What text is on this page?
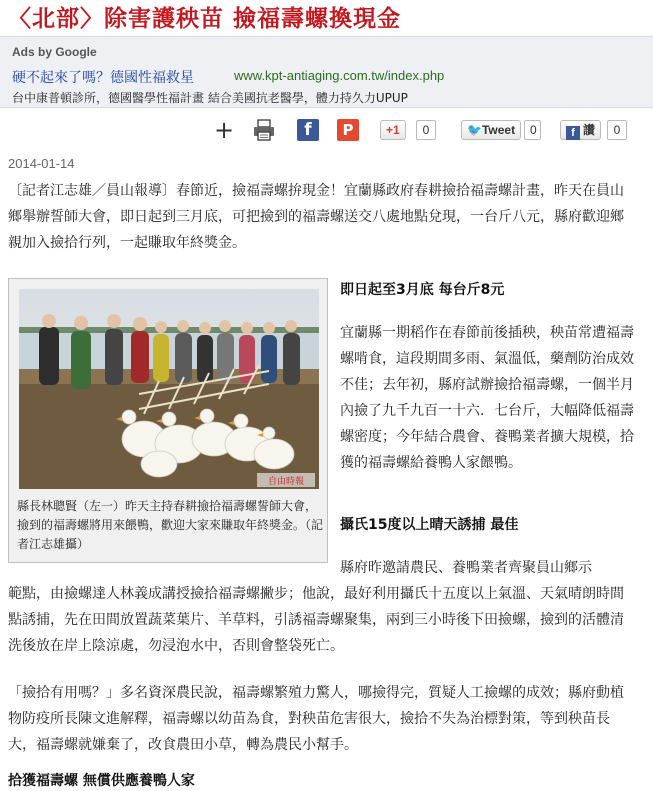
〈北部〉除害護秧苗 撿福壽螺換現金
Ads by Google
硬不起來了嗎？德國性福救星	www.kpt-antiaging.com.tw/index.php
台中康普頓診所，德國醫學性福計畫 結合美國抗老醫學，體力持久力UPUP
+	f	P	+1	0	🐦Tweet	0	f 讚	0
2014-01-14
〔記者江志雄／員山報導〕春節近，撿福壽螺拚現金！宜蘭縣政府春耕撿拾福壽螺計畫，昨天在員山鄉舉辦誓師大會，即日起到三月底，可把撿到的福壽螺送交八處地點兌現，一台斤八元，縣府歡迎鄉親加入撿拾行列，一起賺取年終獎金。
自由時報
縣長林聰賢（左一）昨天主持春耕撿拾福壽螺誓師大會，撿到的福壽螺將用來餵鴨，歡迎大家來賺取年終獎金。（記者江志雄攝）
即日起至3月底 每台斤8元
宜蘭縣一期稻作在春節前後插秧，秧苗常遭福壽螺啃食，這段期間多雨、氣溫低，藥劑防治成效不佳；去年初，縣府試辦撿拾福壽螺，一個半月內撿了九千九百一十六．七台斤，大幅降低福壽螺密度；今年結合農會、養鴨業者擴大規模，拾獲的福壽螺給養鴨人家餵鴨。
攝氏15度以上晴天誘捕 最佳
縣府昨邀請農民、養鴨業者齊聚員山鄉示
範點，由撿螺達人林義成講授撿拾福壽螺撇步；他說，最好利用攝氏十五度以上氣溫、天氣晴朗時間點誘捕，先在田間放置蔬菜葉片、羊草料，引誘福壽螺聚集，兩到三小時後下田撿螺，撿到的活體清洗後放在岸上陰涼處，勿浸泡水中，否則會整袋死亡。
「撿拾有用嗎？」多名資深農民說，福壽螺繁殖力驚人，哪撿得完，質疑人工撿螺的成效；縣府動植物防疫所長陳文進解釋，福壽螺以幼苗為食，對秧苗危害很大，撿拾不失為治標對策，等到秧苗長大，福壽螺就嫌棄了，改食農田小草，轉為農民小幫手。
拾獲福壽螺 無償供應養鴨人家
